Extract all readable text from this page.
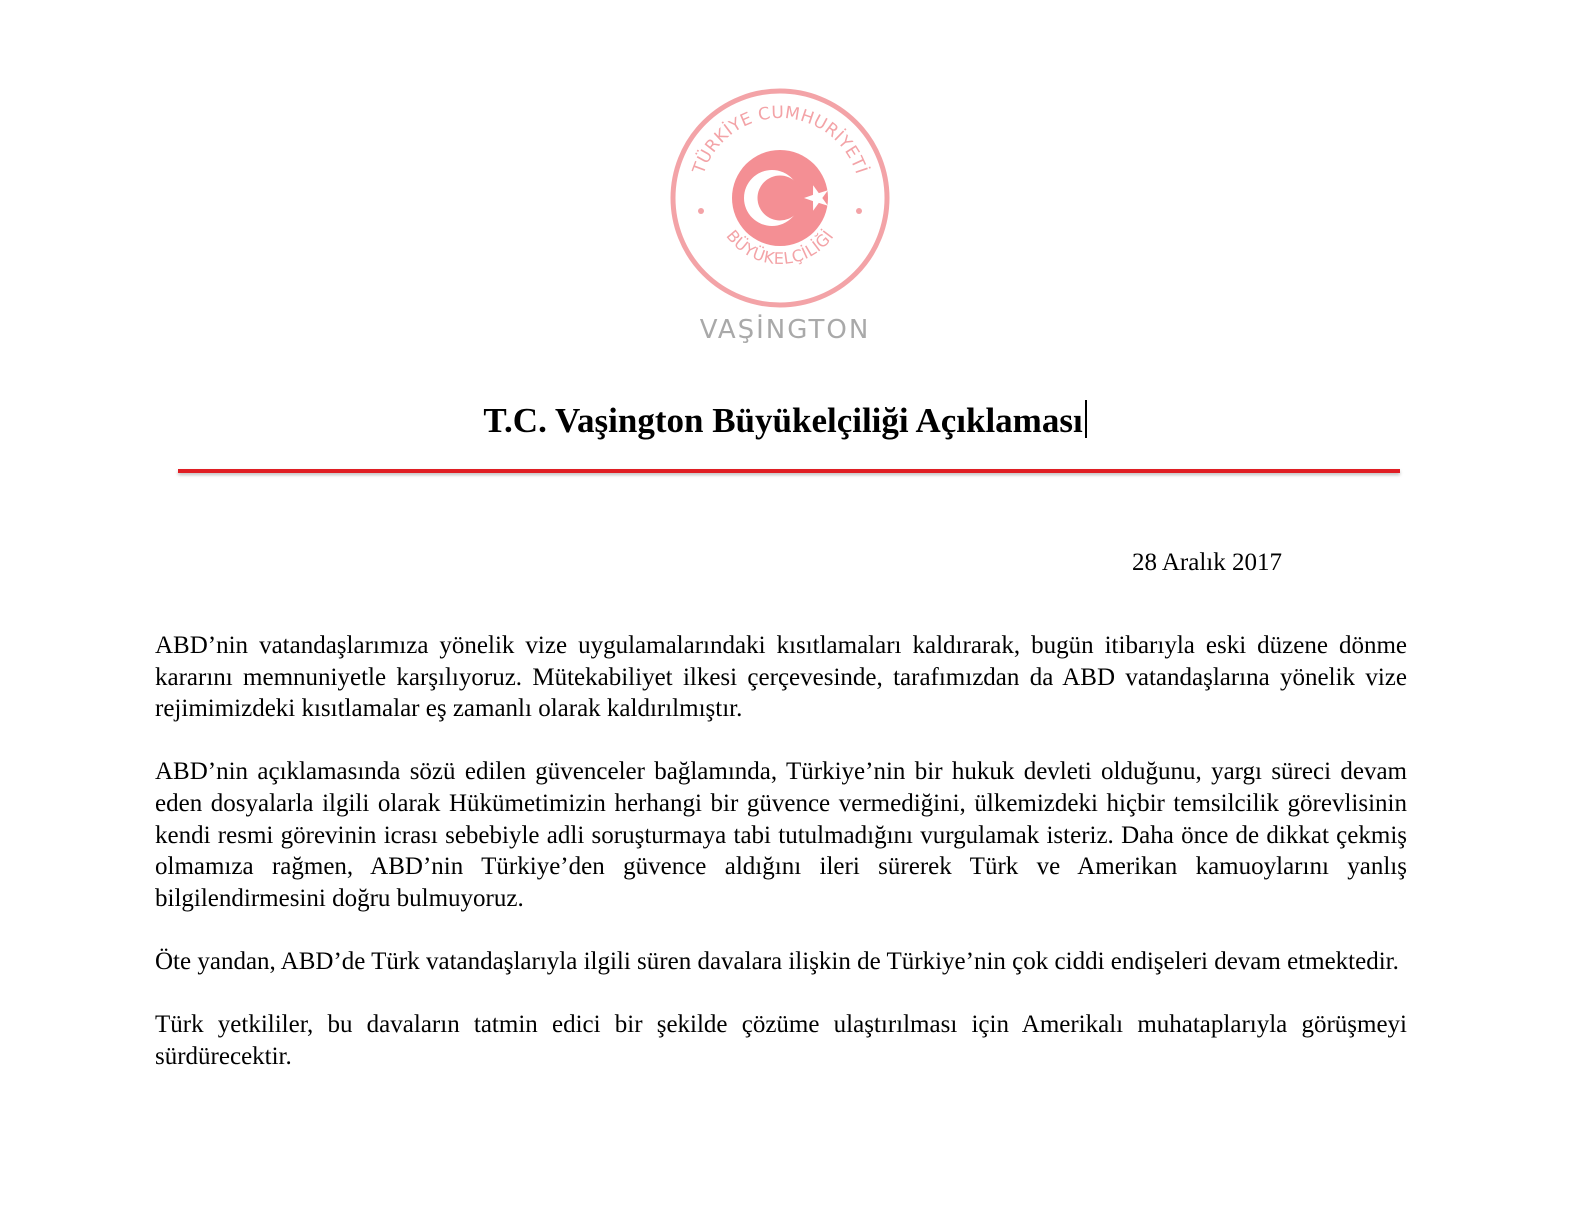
TÜRKİYE CUMHURİYETİ
BÜYÜKELÇİLİĞİ
VAŞİNGTON
T.C. Vaşington Büyükelçiliği Açıklaması
28 Aralık 2017

ABD’nin vatandaşlarımıza yönelik vize uygulamalarındaki kısıtlamaları kaldırarak, bugün itibarıyla eski düzene dönme kararını memnuniyetle karşılıyoruz. Mütekabiliyet ilkesi çerçevesinde, tarafımızdan da ABD vatandaşlarına yönelik vize rejimimizdeki kısıtlamalar eş zamanlı olarak kaldırılmıştır.

ABD’nin açıklamasında sözü edilen güvenceler bağlamında, Türkiye’nin bir hukuk devleti olduğunu, yargı süreci devam eden dosyalarla ilgili olarak Hükümetimizin herhangi bir güvence vermediğini, ülkemizdeki hiçbir temsilcilik görevlisinin kendi resmi görevinin icrası sebebiyle adli soruşturmaya tabi tutulmadığını vurgulamak isteriz. Daha önce de dikkat çekmiş olmamıza rağmen, ABD’nin Türkiye’den güvence aldığını ileri sürerek Türk ve Amerikan kamuoylarını yanlış bilgilendirmesini doğru bulmuyoruz.

Öte yandan, ABD’de Türk vatandaşlarıyla ilgili süren davalara ilişkin de Türkiye’nin çok ciddi endişeleri devam etmektedir.

Türk yetkililer, bu davaların tatmin edici bir şekilde çözüme ulaştırılması için Amerikalı muhataplarıyla görüşmeyi sürdürecektir.
